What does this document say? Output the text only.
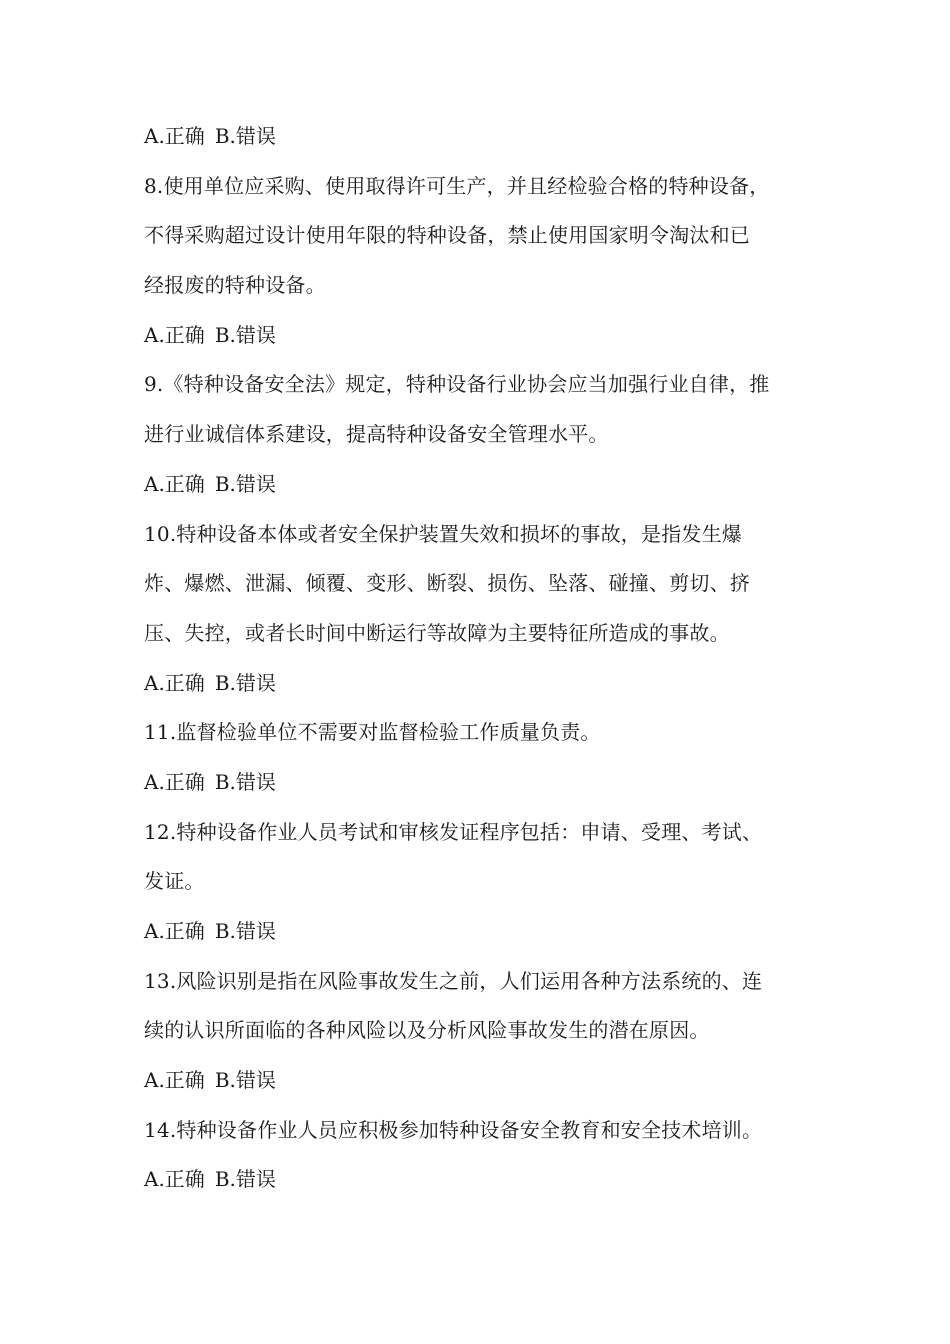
A.正确 B.错误
8.使用单位应采购、使用取得许可生产，并且经检验合格的特种设备，
不得采购超过设计使用年限的特种设备，禁止使用国家明令淘汰和已
经报废的特种设备。
A.正确 B.错误
9.《特种设备安全法》规定，特种设备行业协会应当加强行业自律，推
进行业诚信体系建设，提高特种设备安全管理水平。
A.正确 B.错误
10.特种设备本体或者安全保护装置失效和损坏的事故，是指发生爆
炸、爆燃、泄漏、倾覆、变形、断裂、损伤、坠落、碰撞、剪切、挤
压、失控，或者长时间中断运行等故障为主要特征所造成的事故。
A.正确 B.错误
11.监督检验单位不需要对监督检验工作质量负责。
A.正确 B.错误
12.特种设备作业人员考试和审核发证程序包括：申请、受理、考试、
发证。
A.正确 B.错误
13.风险识别是指在风险事故发生之前，人们运用各种方法系统的、连
续的认识所面临的各种风险以及分析风险事故发生的潜在原因。
A.正确 B.错误
14.特种设备作业人员应积极参加特种设备安全教育和安全技术培训。
A.正确 B.错误
